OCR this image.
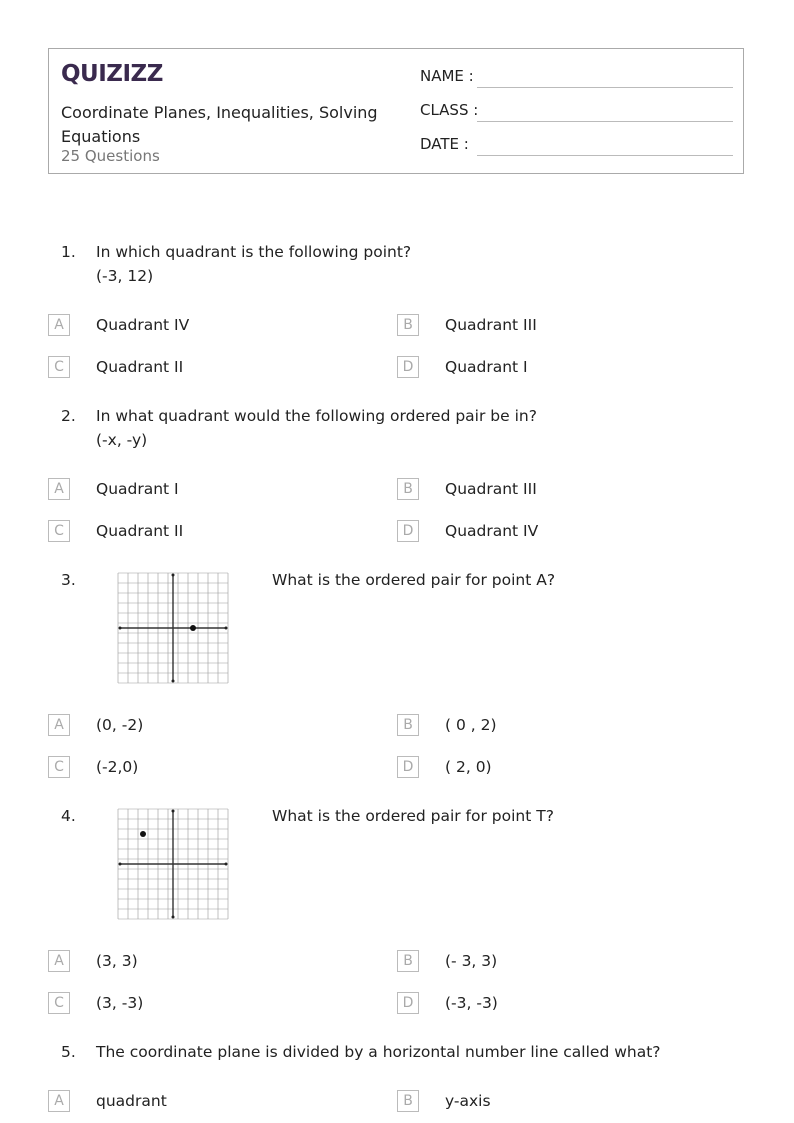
QUIZIZZ
Coordinate Planes, Inequalities, Solving Equations
25 Questions
NAME :
CLASS :
DATE :
1. In which quadrant is the following point?
(-3, 12)
A	Quadrant IV	B	Quadrant III
C	Quadrant II	D	Quadrant I
2. In what quadrant would the following ordered pair be in?
(-x, -y)
A	Quadrant I	B	Quadrant III
C	Quadrant II	D	Quadrant IV
3.	What is the ordered pair for point A?
A	(0, -2)	B	( 0 , 2)
C	(-2,0)	D	( 2, 0)
4.	What is the ordered pair for point T?
A	(3, 3)	B	(- 3, 3)
C	(3, -3)	D	(-3, -3)
5. The coordinate plane is divided by a horizontal number line called what?
A	quadrant	B	y-axis
